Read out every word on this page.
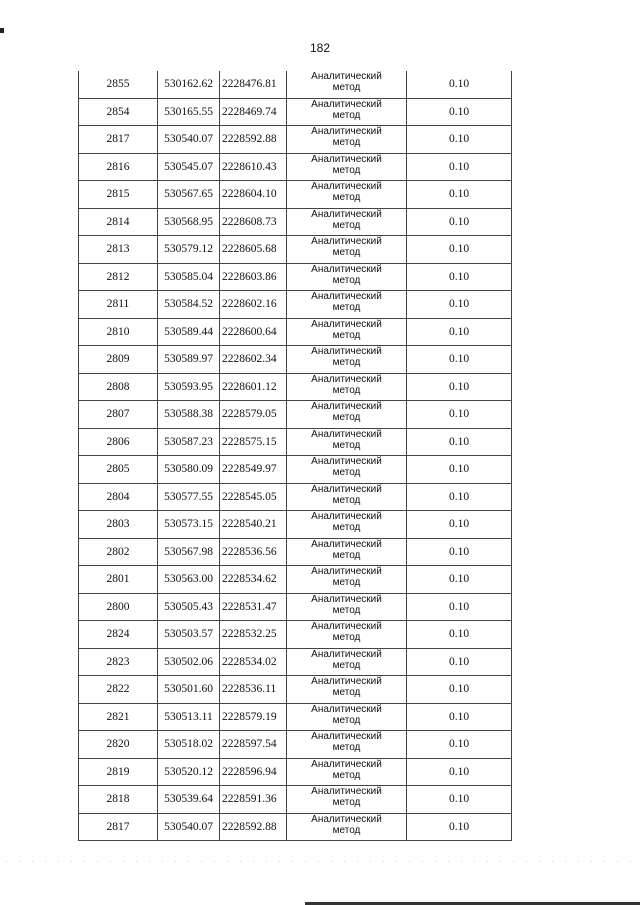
182
2855	530162.62	2228476.81	Аналитический
метод	0.10
2854	530165.55	2228469.74	Аналитический
метод	0.10
2817	530540.07	2228592.88	Аналитический
метод	0.10
2816	530545.07	2228610.43	Аналитический
метод	0.10
2815	530567.65	2228604.10	Аналитический
метод	0.10
2814	530568.95	2228608.73	Аналитический
метод	0.10
2813	530579.12	2228605.68	Аналитический
метод	0.10
2812	530585.04	2228603.86	Аналитический
метод	0.10
2811	530584.52	2228602.16	Аналитический
метод	0.10
2810	530589.44	2228600.64	Аналитический
метод	0.10
2809	530589.97	2228602.34	Аналитический
метод	0.10
2808	530593.95	2228601.12	Аналитический
метод	0.10
2807	530588.38	2228579.05	Аналитический
метод	0.10
2806	530587.23	2228575.15	Аналитический
метод	0.10
2805	530580.09	2228549.97	Аналитический
метод	0.10
2804	530577.55	2228545.05	Аналитический
метод	0.10
2803	530573.15	2228540.21	Аналитический
метод	0.10
2802	530567.98	2228536.56	Аналитический
метод	0.10
2801	530563.00	2228534.62	Аналитический
метод	0.10
2800	530505.43	2228531.47	Аналитический
метод	0.10
2824	530503.57	2228532.25	Аналитический
метод	0.10
2823	530502.06	2228534.02	Аналитический
метод	0.10
2822	530501.60	2228536.11	Аналитический
метод	0.10
2821	530513.11	2228579.19	Аналитический
метод	0.10
2820	530518.02	2228597.54	Аналитический
метод	0.10
2819	530520.12	2228596.94	Аналитический
метод	0.10
2818	530539.64	2228591.36	Аналитический
метод	0.10
2817	530540.07	2228592.88	Аналитический
метод	0.10
